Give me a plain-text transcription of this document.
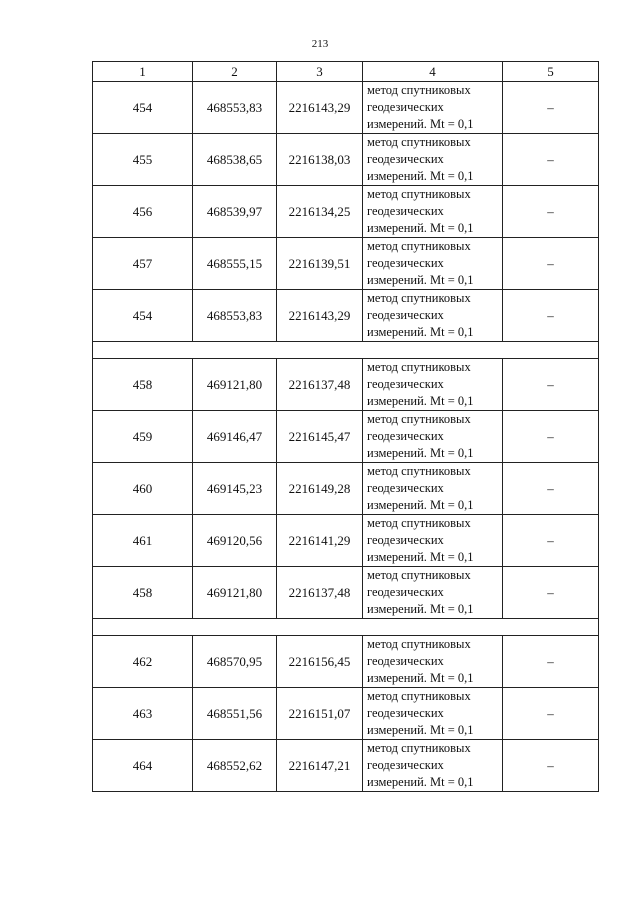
213
1	2	3	4	5
454	468553,83	2216143,29	метод спутниковых
геодезических
измерений. Mt = 0,1	–
455	468538,65	2216138,03	метод спутниковых
геодезических
измерений. Mt = 0,1	–
456	468539,97	2216134,25	метод спутниковых
геодезических
измерений. Mt = 0,1	–
457	468555,15	2216139,51	метод спутниковых
геодезических
измерений. Mt = 0,1	–
454	468553,83	2216143,29	метод спутниковых
геодезических
измерений. Mt = 0,1	–

458	469121,80	2216137,48	метод спутниковых
геодезических
измерений. Mt = 0,1	–
459	469146,47	2216145,47	метод спутниковых
геодезических
измерений. Mt = 0,1	–
460	469145,23	2216149,28	метод спутниковых
геодезических
измерений. Mt = 0,1	–
461	469120,56	2216141,29	метод спутниковых
геодезических
измерений. Mt = 0,1	–
458	469121,80	2216137,48	метод спутниковых
геодезических
измерений. Mt = 0,1	–

462	468570,95	2216156,45	метод спутниковых
геодезических
измерений. Mt = 0,1	–
463	468551,56	2216151,07	метод спутниковых
геодезических
измерений. Mt = 0,1	–
464	468552,62	2216147,21	метод спутниковых
геодезических
измерений. Mt = 0,1	–
